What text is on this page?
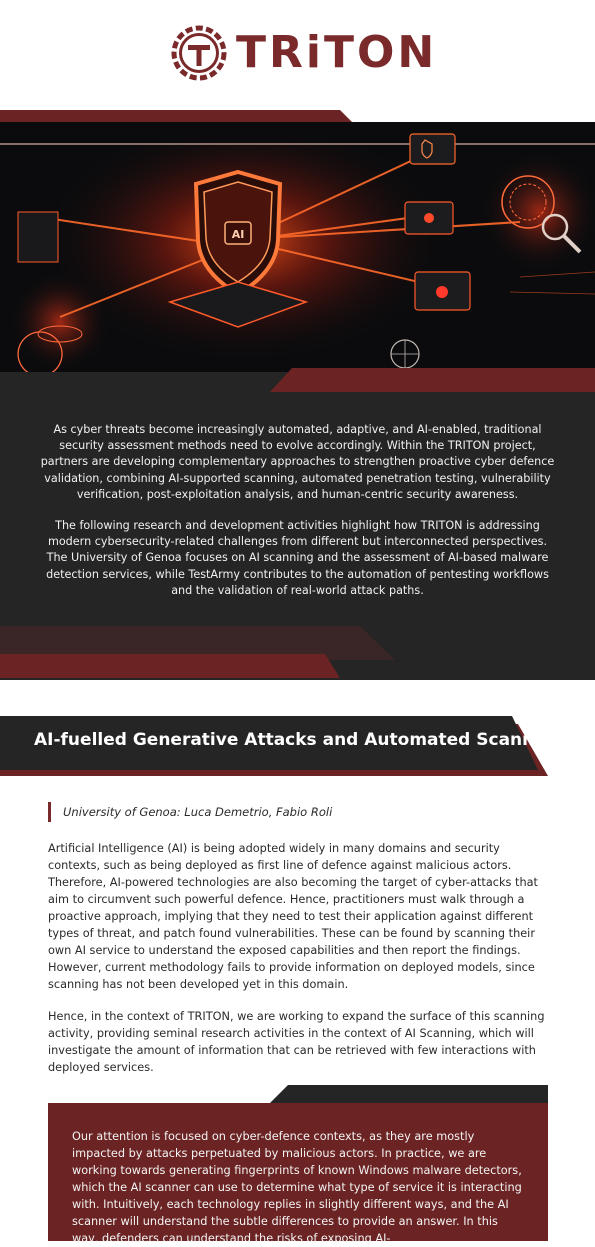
TRiTON
AI

As cyber threats become increasingly automated, adaptive, and AI-enabled, traditional security assessment methods need to evolve accordingly. Within the TRITON project, partners are developing complementary approaches to strengthen proactive cyber defence validation, combining AI-supported scanning, automated penetration testing, vulnerability verification, post-exploitation analysis, and human-centric security awareness.

The following research and development activities highlight how TRITON is addressing modern cybersecurity-related challenges from different but interconnected perspectives. The University of Genoa focuses on AI scanning and the assessment of AI-based malware detection services, while TestArmy contributes to the automation of pentesting workflows and the validation of real-world attack paths.

AI-fuelled Generative Attacks and Automated Scanning
University of Genoa: Luca Demetrio, Fabio Roli

Artificial Intelligence (AI) is being adopted widely in many domains and security contexts, such as being deployed as first line of defence against malicious actors. Therefore, AI-powered technologies are also becoming the target of cyber-attacks that aim to circumvent such powerful defence. Hence, practitioners must walk through a proactive approach, implying that they need to test their application against different types of threat, and patch found vulnerabilities. These can be found by scanning their own AI service to understand the exposed capabilities and then report the findings. However, current methodology fails to provide information on deployed models, since scanning has not been developed yet in this domain.

Hence, in the context of TRITON, we are working to expand the surface of this scanning activity, providing seminal research activities in the context of AI Scanning, which will investigate the amount of information that can be retrieved with few interactions with deployed services.

Our attention is focused on cyber-defence contexts, as they are mostly impacted by attacks perpetuated by malicious actors. In practice, we are working towards generating fingerprints of known Windows malware detectors, which the AI scanner can use to determine what type of service it is interacting with. Intuitively, each technology replies in slightly different ways, and the AI scanner will understand the subtle differences to provide an answer. In this way, defenders can understand the risks of exposing AI-
